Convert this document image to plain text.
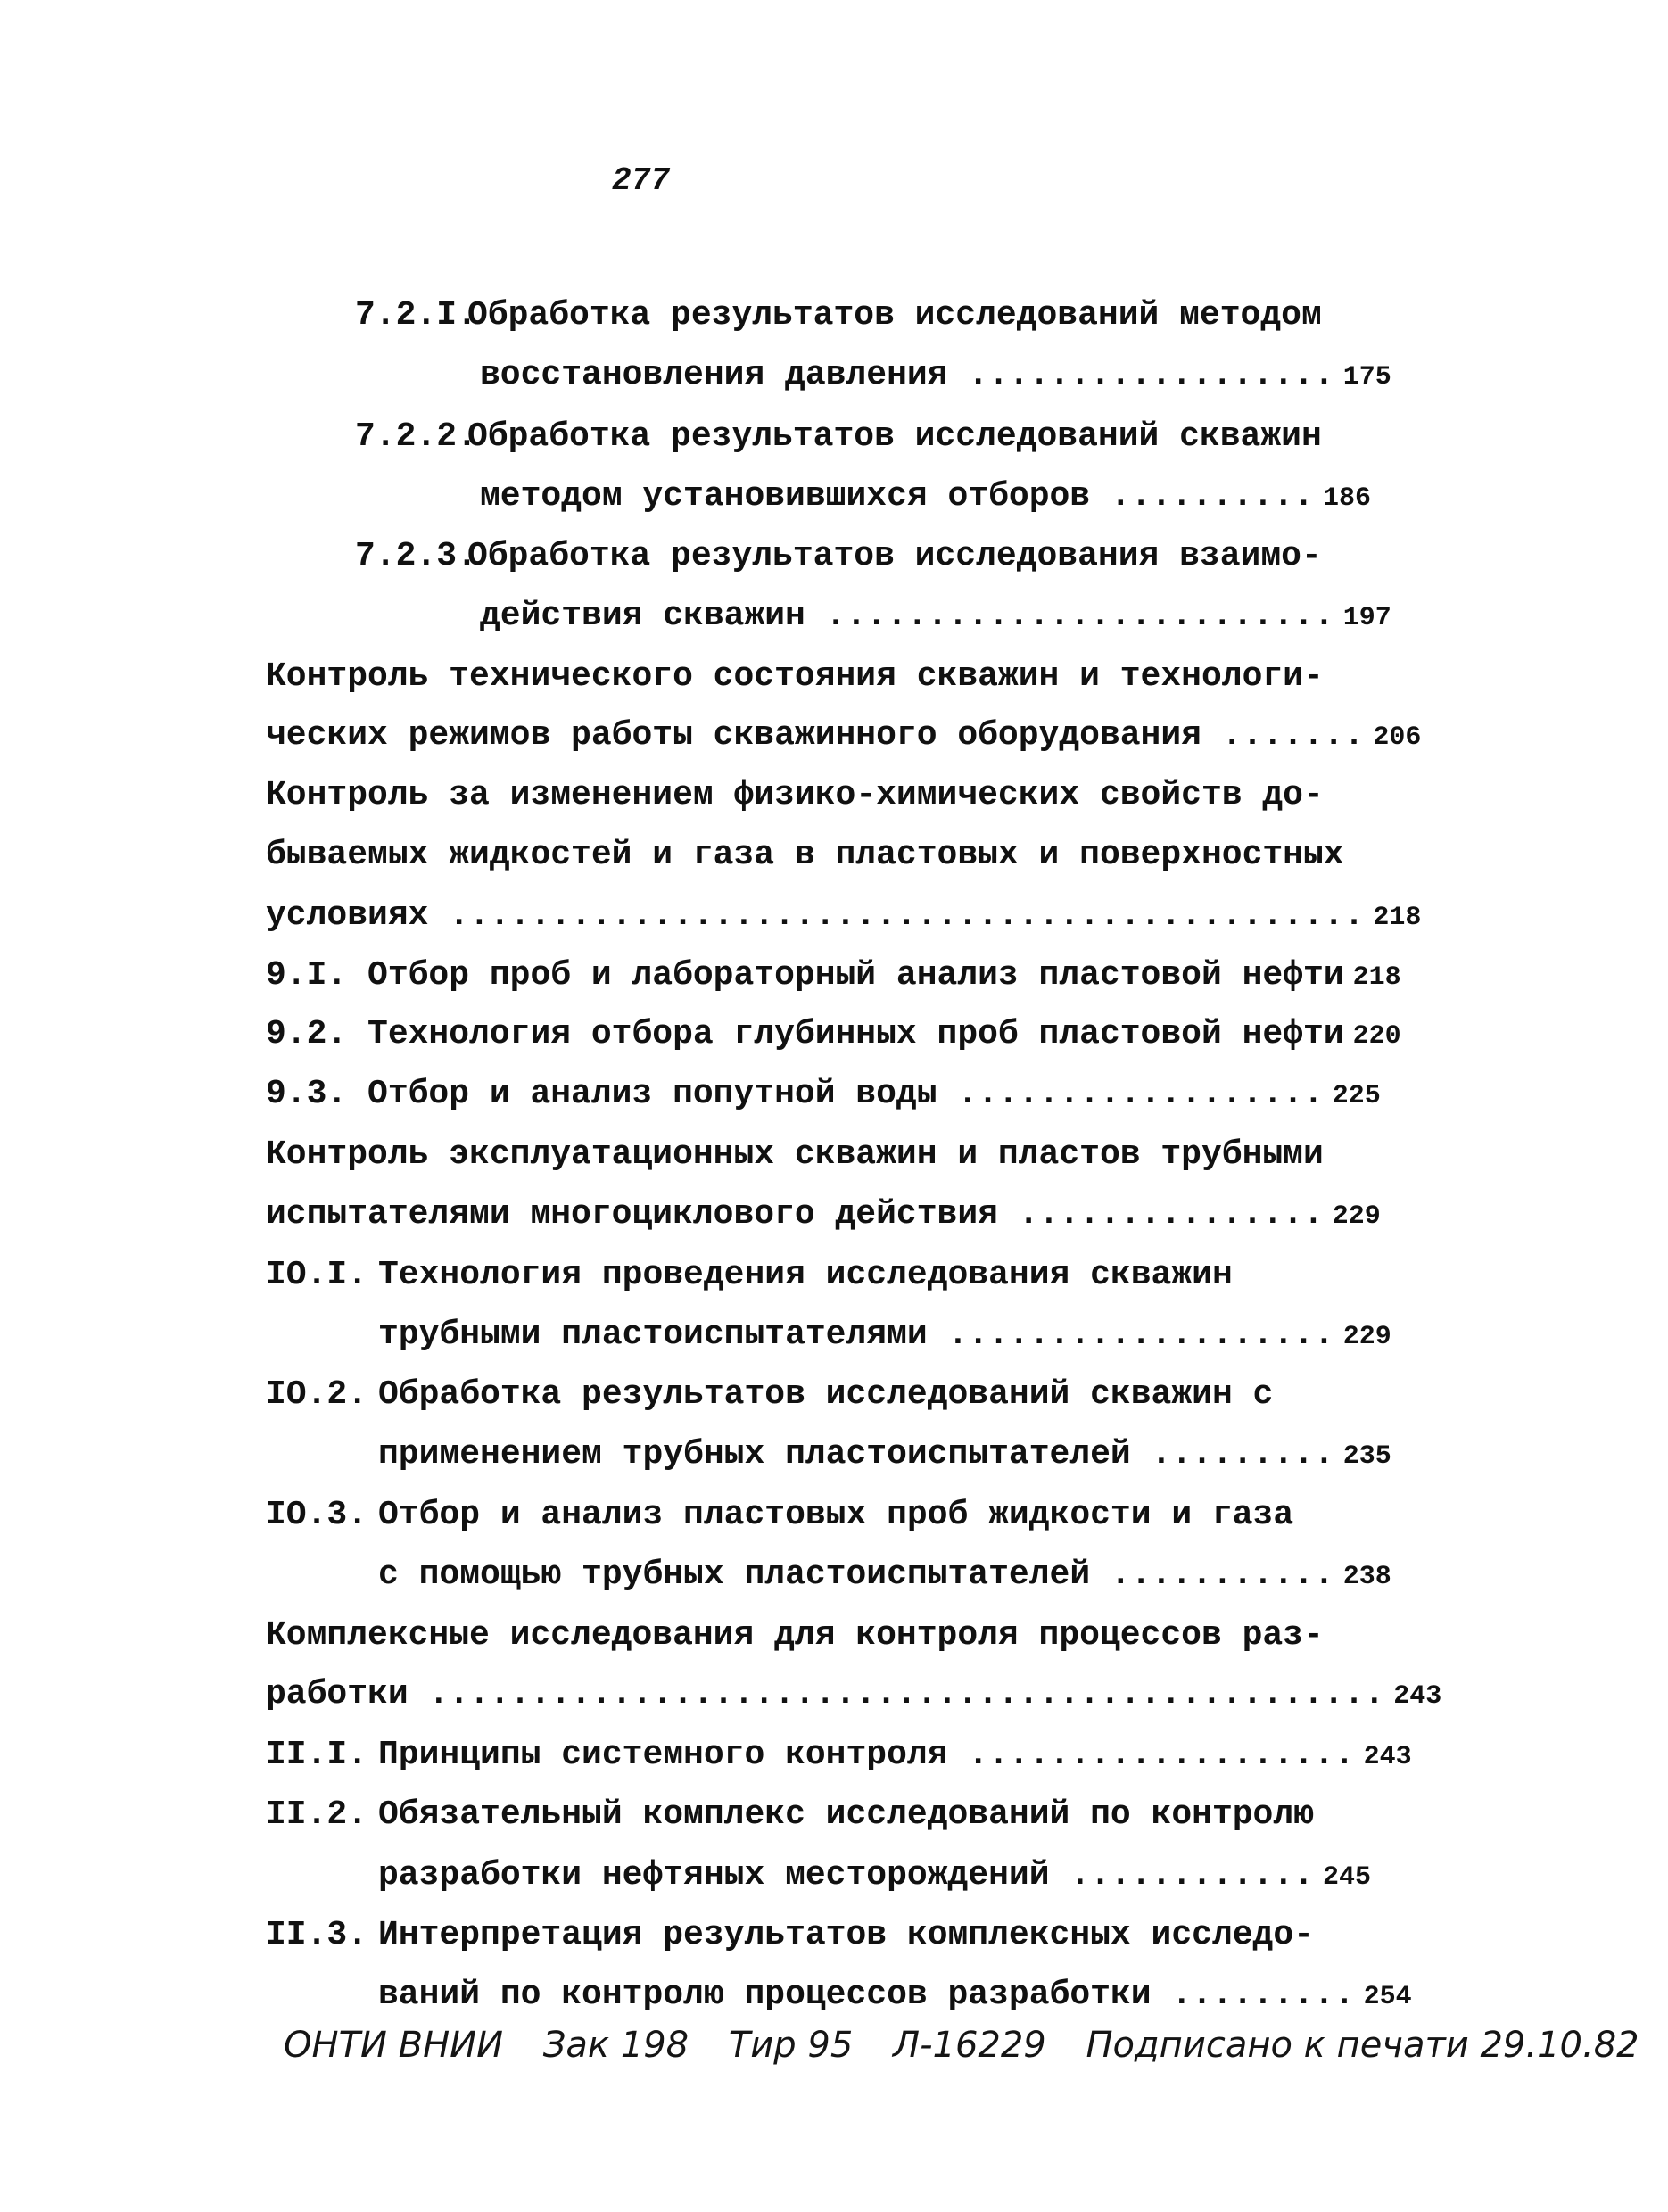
277
7.2.I.
Обработка результатов исследований методом
восстановления давления .................. 175
7.2.2.
Обработка результатов исследований скважин
методом установившихся отборов .......... 186
7.2.3.
Обработка результатов исследования взаимо-
действия скважин ......................... 197
Контроль технического состояния скважин и технологи-
ческих режимов работы скважинного оборудования ....... 206
Контроль за изменением физико-химических свойств до-
бываемых жидкостей и газа в пластовых и поверхностных
условиях ............................................. 218
9.I. Отбор проб и лабораторный анализ пластовой нефти 218
9.2. Технология отбора глубинных проб пластовой нефти 220
9.3. Отбор и анализ попутной воды .................. 225
Контроль эксплуатационных скважин и пластов трубными
испытателями многоциклового действия ............... 229
IO.I. Технология проведения исследования скважин
трубными пластоиспытателями ................... 229
IO.2. Обработка результатов исследований скважин с
применением трубных пластоиспытателей ......... 235
IO.3. Отбор и анализ пластовых проб жидкости и газа
с помощью трубных пластоиспытателей ........... 238
Комплексные исследования для контроля процессов раз-
работки ............................................... 243
II.I. Принципы системного контроля ................... 243
II.2. Обязательный комплекс исследований по контролю
разработки нефтяных месторождений ............ 245
II.3. Интерпретация результатов комплексных исследо-
ваний по контролю процессов разработки ......... 254
ОНТИ ВНИИ Зак 198 Тир 95 Л-16229 Подписано к печати 29.10.82
